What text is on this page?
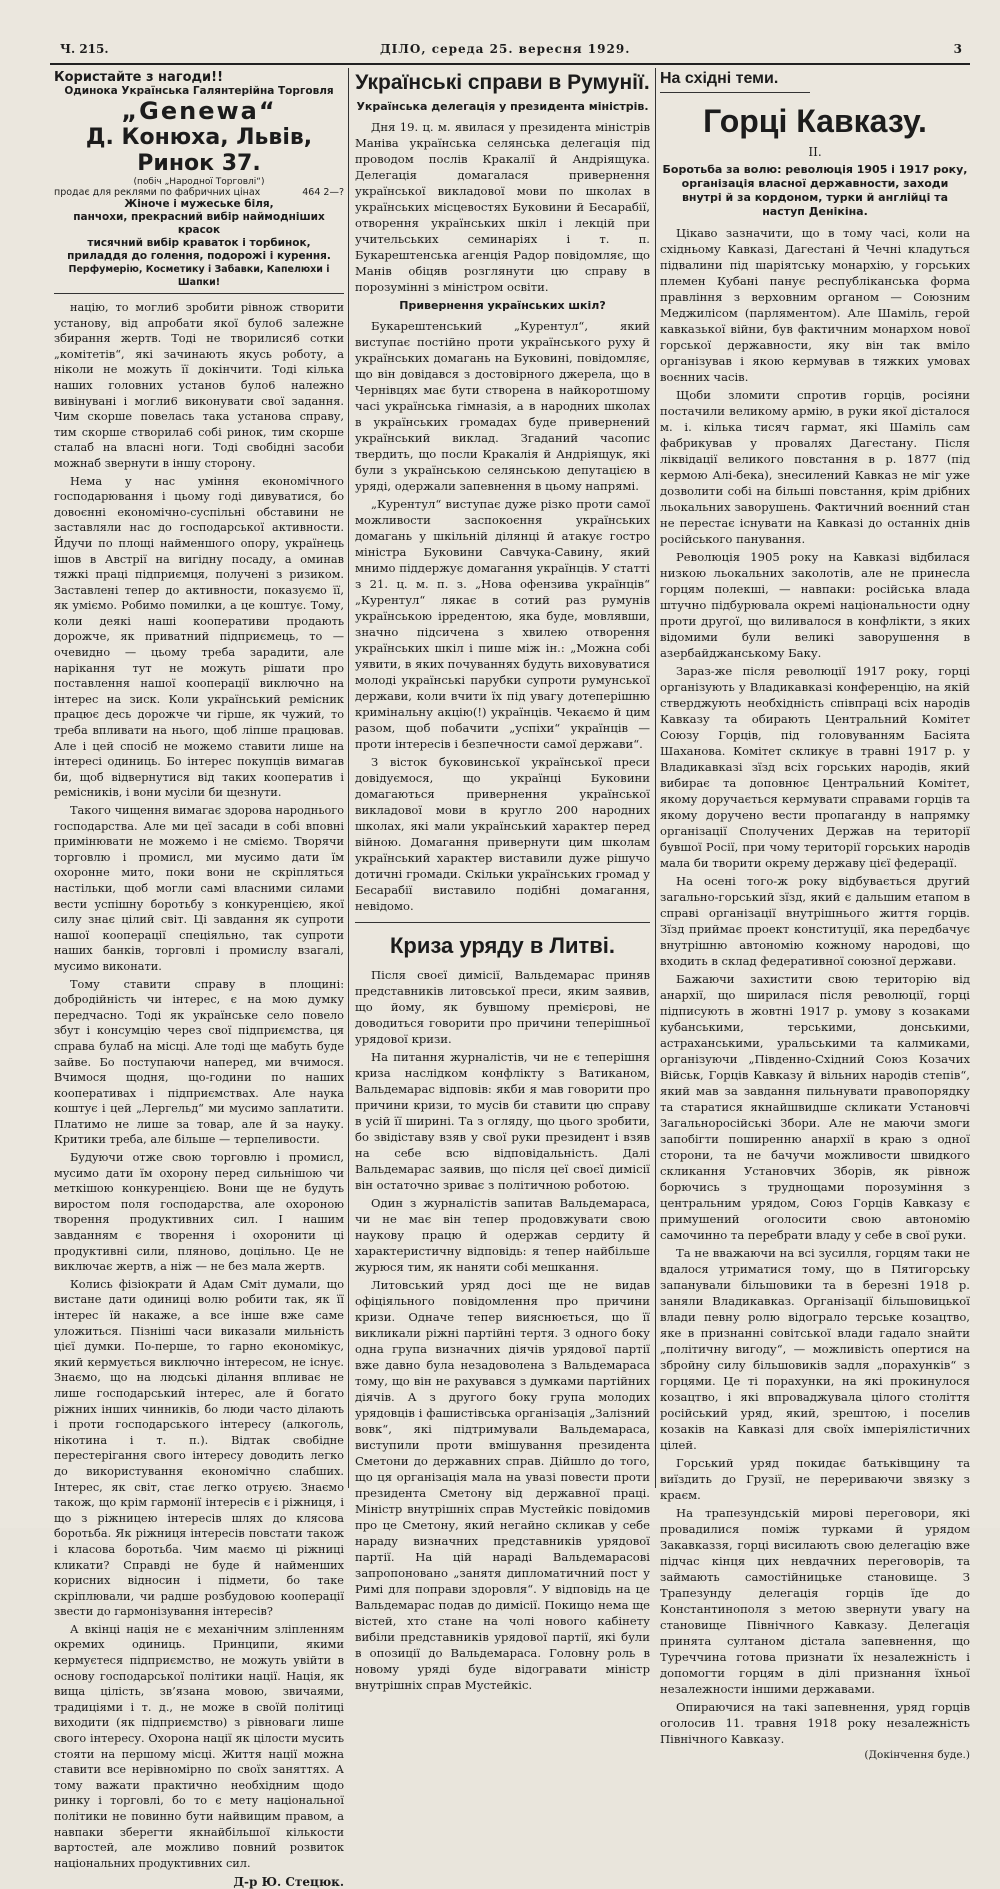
Ч. 215.	ДІЛО, середа 25. вересня 1929.	3
Користайте з нагоди!!
Одинока Українська Галянтерійна Торговля
„Genewa“
Д. Конюха, Львів, Ринок 37.
(побіч „Народної Торговлі“)
продає для реклями по фабричних цінах	464 2—?
Жіноче і мужеське біля,
панчохи, прекрасний вибір наймодніших красок
тисячний вибір краваток і торбинок,
приладдя до голення, подорожі і курення.
Перфумерію, Косметику і Забавки, Капелюхи і Шапки!

націю, то могли6 зробити рівнож створити установу, від апробати якої було6 залежне збирання жертв. Тоді не творилися6 сотки „комітетів“, які зачинають якусь роботу, а ніколи не можуть її докінчити. Тоді кілька наших головних установ було6 належно вивінувані і могли6 виконувати свої задання. Чим скорше повелась така установа справу, тим скорше створила6 собі ринок, тим скорше сталаб на власні ноги. Тоді свобідні засоби можнаб звернути в іншу сторону.

Нема у нас уміння економічного господарювання і цьому годі дивуватися, бо довоєнні економічно-суспільні обставини не заставляли нас до господарської активности. Йдучи по площі найменшого опору, українець ішов в Австрії на вигідну посаду, а оминав тяжкі праці підприємця, получені з ризиком. Заставлені тепер до активности, показуємо її, як уміємо. Робимо помилки, а це коштує. Тому, коли деякі наші кооперативи продають дорожче, як приватний підприємець, то — очевидно — цьому треба зарадити, але нарікання тут не можуть рішати про поставлення нашої кооперації виключно на інтерес на зиск. Коли український ремісник працює десь дорожче чи гірше, як чужий, то треба впливати на нього, щоб ліпше працював. Але і цей спосіб не можемо ставити лише на інтересі одиниць. Бо інтерес покупців вимагав би, щоб відвернутися від таких кооператив і ремісників, і вони мусіли би щезнути.

Такого чищення вимагає здорова народнього господарства. Але ми цеї засади в собі вповні примінювати не можемо і не сміємо. Творячи торговлю і промисл, ми мусимо дати їм охоронне мито, поки вони не скріпляться настільки, щоб могли самі власними силами вести успішну боротьбу з конкуренцією, якої силу знає цілий світ. Ці завдання як супроти нашої кооперації спеціяльно, так супроти наших банків, торговлі і промислу взагалі, мусимо виконати.

Тому ставити справу в площині: добродійність чи інтерес, є на мою думку передчасно. Тоді як українське село повело збут і консумцію через свої підприємства, ця справа булаб на місці. Але тоді ще мабуть буде зайве. Бо поступаючи наперед, ми вчимося. Вчимося щодня, що-години по наших кооперативах і підприємствах. Але наука коштує і цей „Лергельд“ ми мусимо заплатити. Платимо не лише за товар, але й за науку. Критики треба, але більше — терпеливости.

Будуючи отже свою торговлю і промисл, мусимо дати їм охорону перед сильнішою чи меткішою конкуренцією. Вони ще не будуть виростом поля господарства, але охороною творення продуктивних сил. І нашим завданням є творення і охоронити ці продуктивні сили, пляново, доцільно. Це не виключає жертв, а ніж — не без мала жертв.

Колись фізіократи й Адам Сміт думали, що вистане дати одиниці волю робити так, як її інтерес їй накаже, а все інше вже саме уложиться. Пізніші часи виказали мильність цієї думки. По-перше, то гарно економікус, який кермується виключно інтересом, не існує. Знаємо, що на людські ділання впливає не лише господарський інтерес, але й богато ріжних інших чинників, бо люди часто ділають і проти господарського інтересу (алкоголь, нікотина і т. п.). Відтак свобідне перестерігання свого інтересу доводить легко до використування економічно слабших. Інтерес, як світ, стає легко отруєю. Знаємо також, що крім гармонії інтересів є і ріжниця, і що з ріжницею інтересів шлях до клясова боротьба. Як ріжниця інтересів повстати також і класова боротьба. Чим маємо ці ріжниці кликати? Справді не буде й найменших корисних відносин і підмети, бо таке скріплювали, чи радше розбудовою кооперації звести до гармонізування інтересів?

А вкінці нація не є механічним зліпленням окремих одиниць. Принципи, якими кермуєтеся підприємство, не можуть увійти в основу господарської політики нації. Нація, як вища цілість, зв’язана мовою, звичаями, традиціями і т. д., не може в своїй політиці виходити (як підприємство) з рівноваги лише свого інтересу. Охорона нації як цілости мусить стояти на першому місці. Життя нації можна ставити все нерівномірно по своїх заняттях. А тому важати практично необхідним щодо ринку і торговлі, бо то є мету національної політики не повинно бути найвищим правом, а навпаки зберегти якнайбільшої кількости вартостей, але можливо повний розвиток національних продуктивних сил.

Д-р Ю. Стецюк.
Українські справи в Румунії.
Українська делегація у президента міністрів.

Дня 19. ц. м. явилася у президента міністрів Маніва українська селянська делегація під проводом послів Кракалії й Андріящука. Делегація домагалася привернення української викладової мови по школах в українських місцевостях Буковини й Бесарабії, отворення українських шкіл і лекцій при учительських семинаріях і т. п. Букарештенська агенція Радор повідомляє, що Манів обіцяв розглянути цю справу в порозумінні з міністром освіти.

Привернення українських шкіл?

Букарештенський „Курентул“, який виступає постійно проти українського руху й українських домагань на Буковині, повідомляє, що він довідався з достовірного джерела, що в Чернівцях має бути створена в найкоротшому часі українська гімназія, а в народних школах в українських громадах буде привернений український виклад. Згаданий часопис твердить, що посли Кракалія й Андріящук, які були з українською селянською депутацією в уряді, одержали запевнення в цьому напрямі.

„Курентул“ виступає дуже різко проти самої можливости заспокоєння українських домагань у шкільній ділянці й атакує гостро міністра Буковини Савчука-Савину, який мнимо піддержує домагання українців. У статті з 21. ц. м. п. з. „Нова офензива українців“ „Курентул“ лякає в сотий раз румунів українською ірредентою, яка буде, мовлявши, значно підсичена з хвилею отворення українських шкіл і пише між ін.: „Можна собі уявити, в яких почуваннях будуть виховуватися молоді українські парубки супроти румунської держави, коли вчити їх під увагу дотеперішню кримінальну акцію(!) українців. Чекаємо й цим разом, щоб побачити „успіхи“ українців — проти інтересів і безпечности самої держави“.

З вісток буковинської української преси довідуємося, що українці Буковини домагаються привернення української викладової мови в кругло 200 народних школах, які мали український характер перед війною. Домагання привернути цим школам український характер виставили дуже рішучо дотичні громади. Скільки українських громад у Бесарабії виставило подібні домагання, невідомо.

Криза уряду в Литві.

Після своєї димісії, Вальдемарас приняв представників литовської преси, яким заявив, що йому, як бувшому премієрові, не доводиться говорити про причини теперішньої урядової кризи.

На питання журналістів, чи не є теперішня криза наслідком конфлікту з Ватиканом, Вальдемарас відповів: якби я мав говорити про причини кризи, то мусів би ставити цю справу в усій її ширині. Та з огляду, що цього зробити, бо звідіставу взяв у свої руки президент і взяв на себе всю відповідальність. Далі Вальдемарас заявив, що після цеї своєї димісії він остаточно зриває з політичною роботою.

Один з журналістів запитав Вальдемараса, чи не має він тепер продовжувати свою наукову працю й одержав сердиту й характеристичну відповідь: я тепер найбільше журюся тим, як наняти собі мешкання.

Литовський уряд досі ще не видав офіціяльного повідомлення про причини кризи. Одначе тепер вияснюється, що її викликали ріжні партійні тертя. З одного боку одна група визначних діячів урядової партії вже давно була незадоволена з Вальдемараса тому, що він не рахувався з думками партійних діячів. А з другого боку група молодих урядовців і фашистівська організація „Залізний вовк“, які підтримували Вальдемараса, виступили проти вмішування президента Сметони до державних справ. Дійшло до того, що ця організація мала на увазі повести проти президента Сметону від державної праці. Міністр внутрішніх справ Мустейкіс повідомив про це Сметону, який негайно скликав у себе нараду визначних представників урядової партії. На цій нараді Вальдемарасові запропоновано „занятя дипломатичний пост у Римі для поправи здоровля“. У відповідь на це Вальдемарас подав до димісії. Покищо нема ще вістей, хто стане на чолі нового кабінету вибіли представників урядової партії, які були в опозиції до Вальдемараса. Головну роль в новому уряді буде відогравати міністр внутрішніх справ Мустейкіс.

На східні теми.
Горці Кавказу.
II.
Боротьба за волю: революція 1905 і 1917 року, організація власної державности, заходи внутрі й за кордоном, турки й англійці та наступ Денікіна.

Цікаво зазначити, що в тому часі, коли на східньому Кавказі, Дагестані й Чечні кладуться підвалини під шаріятську монархію, у горських племен Кубані панує республіканська форма правління з верховним органом — Союзним Меджилісом (парляментом). Але Шаміль, герой кавказької війни, був фактичним монархом нової горської державности, яку він так вміло організував і якою кермував в тяжких умовах воєнних часів.

Щоби зломити спротив горців, росіяни постачили великому армію, в руки якої дісталося м. і. кілька тисяч гармат, які Шаміль сам фабрикував у провалях Дагестану. Після ліквідації великого повстання в р. 1877 (під кермою Алі-бека), знесилений Кавказ не міг уже дозволити собі на більші повстання, крім дрібних льокальних заворушень. Фактичний воєнний стан не перестає існувати на Кавказі до останніх днів російського панування.

Революція 1905 року на Кавказі відбилася низкою льокальних заколотів, але не принесла горцям полекші, — навпаки: російська влада штучно підбурювала окремі національности одну проти другої, що виливалося в конфлікти, з яких відомими були великі заворушення в азербайджанському Баку.

Зараз-же після революції 1917 року, горці організують у Владикавказі конференцію, на якій стверджують необхідність співпраці всіх народів Кавказу та обирають Центральний Комітет Союзу Горців, під головуванням Басіята Шаханова. Комітет скликує в травні 1917 р. у Владикавказі зїзд всіх горських народів, який вибирає та доповнює Центральний Комітет, якому доручається кермувати справами горців та якому дорученo вести пропаганду в напрямку організації Сполучених Держав на території бувшої Росії, при чому території горських народів мала би творити окрему державу цієї федерації.

На осені того-ж року відбувається другий загально-горський зїзд, який є дальшим етапом в справі організації внутрішнього життя горців. Зїзд приймає проект конституції, яка передбачує внутрішню автономію кожному народові, що входить в склад федеративної союзної держави.

Бажаючи захистити свою територію від анархії, що ширилася після революції, горці підписують в жовтні 1917 р. умову з козаками кубанськими, терськими, донськими, астраханськими, уральськими та калмиками, організуючи „Південно-Східний Союз Козачих Військ, Горців Кавказу й вільних народів степів“, який мав за завдання пильнувати правопорядку та старатися якнайшвидше скликати Установчі Загальноросійські Збори. Але не маючи змоги запобігти поширенню анархії в краю з одної сторони, та не бачучи можливости швидкого скликання Установчих Зборів, як рівнож борючись з труднощами порозуміння з центральним урядом, Союз Горців Кавказу є примушений оголосити свою автономію самочинно та перебрати владу у себе в свої руки.

Та не вважаючи на всі зусилля, горцям таки не вдалося утриматися тому, що в Пятигорську запанували більшовики та в березні 1918 р. заняли Владикавказ. Організації більшовицької влади певну ролю відограло терське козацтво, яке в признанні совітської влади гадало знайти „політичну вигоду“, — можливість опертися на збройну силу більшовиків задля „порахунків“ з горцями. Це ті порахунки, на які прокинулося козацтво, і які впроваджувала цілого століття російський уряд, який, зрештою, і поселив козаків на Кавказі для своїх імперіялістичних цілей.

Горський уряд покидає батьківщину та виїздить до Грузії, не перериваючи звязку з краєм.

На трапезундській мирові переговори, які провадилися поміж турками й урядом Закавказзя, горці висилають свою делегацію вже підчас кінця цих невдачних переговорів, та займають самостійницьке становище. З Трапезунду делегація горців їде до Константинополя з метою звернути увагу на становище Північного Кавказу. Делегація принята султаном дістала запевнення, що Туреччина готова признати їх незалежність і допомогти горцям в ділі признання їхньої незалежности іншими державами.

Опираючися на такі запевнення, уряд горців оголосив 11. травня 1918 року незалежність Північного Кавказу.

(Докінчення буде.)
